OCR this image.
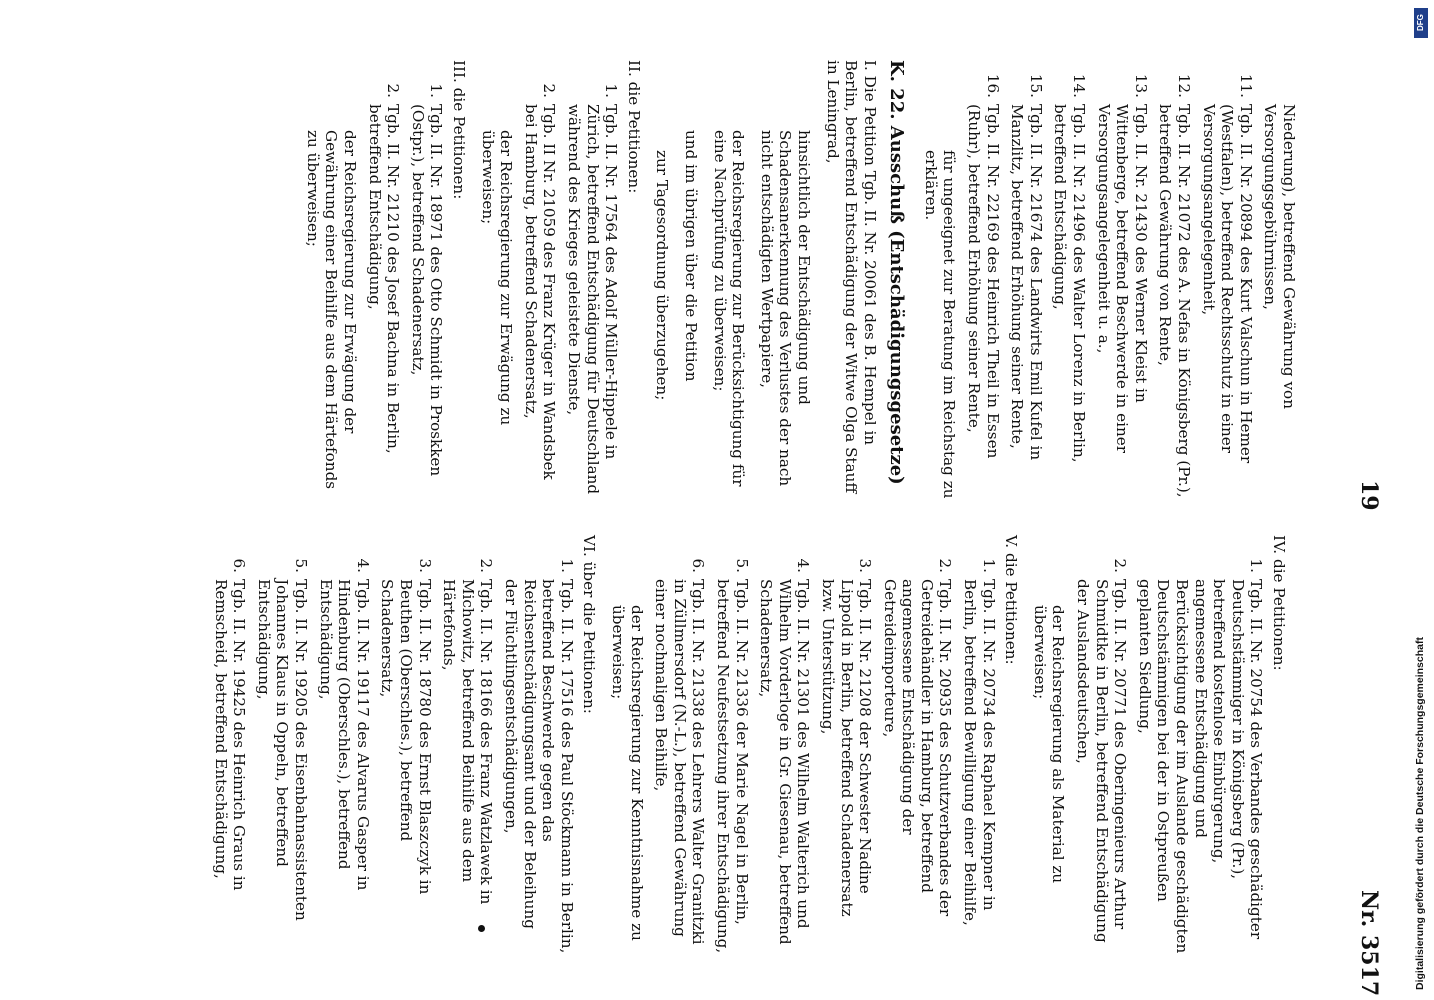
19
Nr. 3517
Niederung), betreffend Gewährung von Versorgungsgebührnissen,
11.
Tgb. II. Nr. 20894 des Kurt Valschun in Hemer (Westfalen), betreffend Rechtsschutz in einer Versorgungsangelegenheit,
12.
Tgb. II. Nr. 21072 des A. Nefas in Königsberg (Pr.), betreffend Gewährung von Rente,
13.
Tgb. II. Nr. 21430 des Werner Kleist in Wittenberge, betreffend Beschwerde in einer Versorgungsangelegenheit u. a.,
14.
Tgb. II. Nr. 21496 des Walter Lorenz in Berlin, betreffend Entschädigung,
15.
Tgb. II. Nr. 21674 des Landwirts Emil Kufel in Manzlitz, betreffend Erhöhung seiner Rente,
16.
Tgb. II. Nr. 22169 des Heinrich Theil in Essen (Ruhr), betreffend Erhöhung seiner Rente,
für ungeeignet zur Beratung im Reichstag zu erklären.
K. 22. Ausschuß (Entschädigungsgesetze)
I. Die Petition Tgb. II. Nr. 20061 des B. Hempel in Berlin, betreffend Entschädigung der Witwe Olga Stauff in Leningrad,
hinsichtlich der Entschädigung und Schadensanerkennung des Verlustes der nach nicht entschädigten Wertpapiere,
der Reichsregierung zur Berücksichtigung für eine Nachprüfung zu überweisen;
und im übrigen über die Petition
zur Tagesordnung überzugehen;
II. die Petitionen:
1.
Tgb. II. Nr. 17564 des Adolf Müller-Hippele in Zürich, betreffend Entschädigung für Deutschland während des Krieges geleistete Dienste,
2.
Tgb. II Nr. 21059 des Franz Krüger in Wandsbek bei Hamburg, betreffend Schadenersatz,
der Reichsregierung zur Erwägung zu überweisen;
III. die Petitionen:
1.
Tgb. II. Nr. 18971 des Otto Schmidt in Proskken (Ostpr.), betreffend Schadenersatz,
2.
Tgb. II. Nr. 21210 des Josef Bachna in Berlin, betreffend Entschädigung,
der Reichsregierung zur Erwägung der Gewährung einer Beihilfe aus dem Härtefonds zu überweisen;
IV. die Petitionen:
1.
Tgb. II. Nr. 20754 des Verbandes geschädigter Deutschstämmiger in Königsberg (Pr.), betreffend kostenlose Einbürgerung, angemessene Entschädigung und Berücksichtigung der im Auslande geschädigten Deutschstämmigen bei der in Ostpreußen geplanten Siedlung,
2.
Tgb. II. Nr. 20771 des Oberingenieurs Arthur Schmidtke in Berlin, betreffend Entschädigung der Auslandsdeutschen,
der Reichsregierung als Material zu überweisen;
V. die Petitionen:
1.
Tgb. II. Nr. 20734 des Raphael Kempner in Berlin, betreffend Bewilligung einer Beihilfe,
2.
Tgb. II. Nr. 20935 des Schutzverbandes der Getreidehändler in Hamburg, betreffend angemessene Entschädigung der Getreideimporteure,
3.
Tgb. II. Nr. 21208 der Schwester Nadine Lippold in Berlin, betreffend Schadenersatz bzw. Unterstützung,
4.
Tgb. II. Nr. 21301 des Wilhelm Walterich und Wilhelm Vorderloge in Gr. Giesenau, betreffend Schadenersatz,
5.
Tgb. II. Nr. 21336 der Marie Nagel in Berlin, betreffend Neufestsetzung ihrer Entschädigung,
6.
Tgb. II. Nr. 21338 des Lehrers Walter Granitzki in Züllmersdorf (N.-L.), betreffend Gewährung einer nochmaligen Beihilfe,
der Reichsregierung zur Kenntnisnahme zu überweisen;
VI. über die Petitionen:
1.
Tgb. II. Nr. 17516 des Paul Stöckmann in Berlin, betreffend Beschwerde gegen das Reichsentschädigungsamt und der Beleihung der Flüchtlingsentschädigungen,
2.
Tgb. II. Nr. 18166 des Franz Watzlawek in Michowitz, betreffend Beihilfe aus dem Härtefonds,
3.
Tgb. II. Nr. 18780 des Ernst Blaszczyk in Beuthen (Oberschles.), betreffend Schadenersatz,
4.
Tgb. II. Nr. 19117 des Alvarus Gasper in Hindenburg (Oberschles.), betreffend Entschädigung,
5.
Tgb. II. Nr. 19205 des Eisenbahnassistenten Johannes Klaus in Oppeln, betreffend Entschädigung,
6.
Tgb. II. Nr. 19425 des Heinrich Graus in Remscheid, betreffend Entschädigung,
DFG
Digitalisierung gefördert durch die Deutsche Forschungsgemeinschaft
